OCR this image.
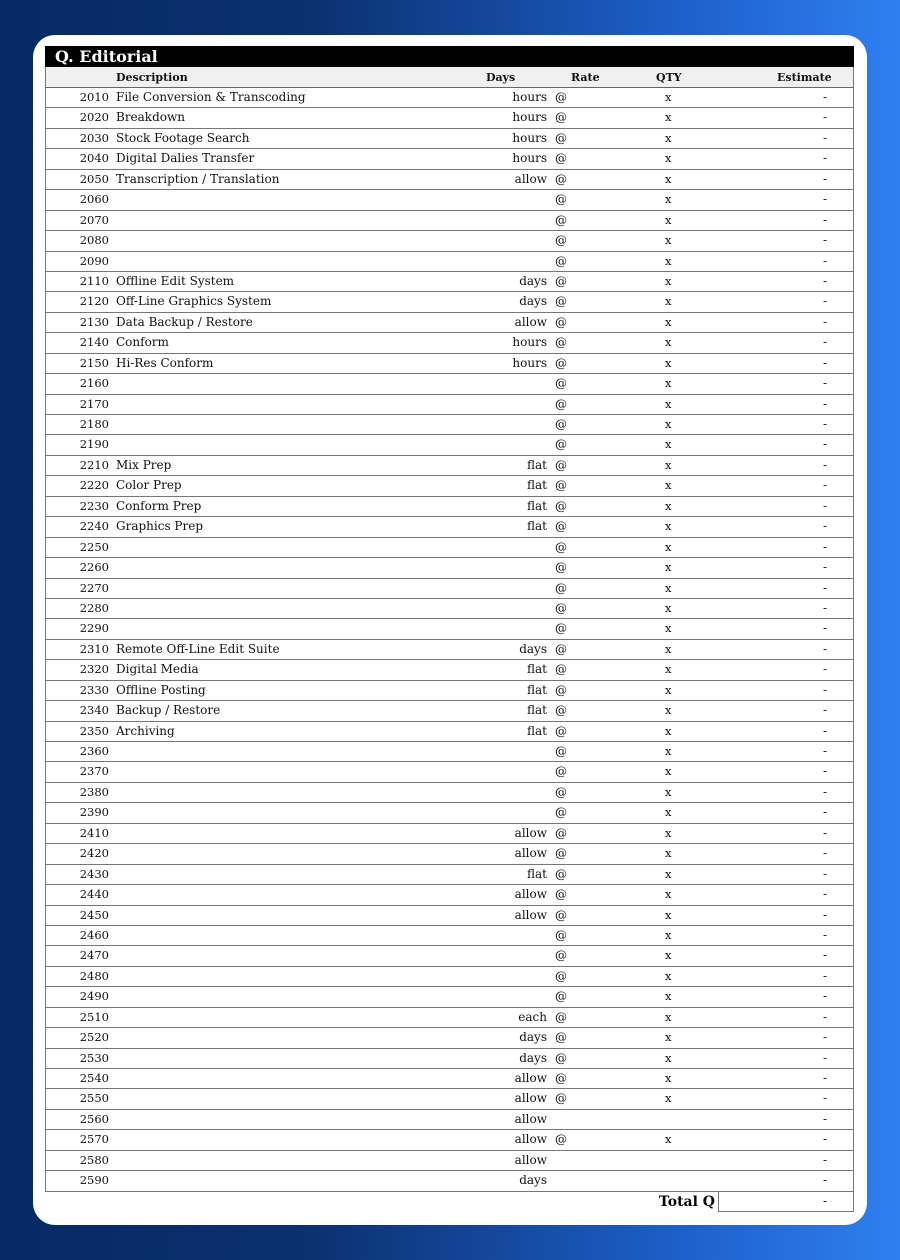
Q. Editorial
Description	Days	Rate	QTY	Estimate
2010 File Conversion & Transcoding	hours @	x	-
2020 Breakdown	hours @	x	-
2030 Stock Footage Search	hours @	x	-
2040 Digital Dalies Transfer	hours @	x	-
2050 Transcription / Translation	allow @	x	-
2060	@	x	-
2070	@	x	-
2080	@	x	-
2090	@	x	-
2110 Offline Edit System	days @	x	-
2120 Off-Line Graphics System	days @	x	-
2130 Data Backup / Restore	allow @	x	-
2140 Conform	hours @	x	-
2150 Hi-Res Conform	hours @	x	-
2160	@	x	-
2170	@	x	-
2180	@	x	-
2190	@	x	-
2210 Mix Prep	flat @	x	-
2220 Color Prep	flat @	x	-
2230 Conform Prep	flat @	x	-
2240 Graphics Prep	flat @	x	-
2250	@	x	-
2260	@	x	-
2270	@	x	-
2280	@	x	-
2290	@	x	-
2310 Remote Off-Line Edit Suite	days @	x	-
2320 Digital Media	flat @	x	-
2330 Offline Posting	flat @	x	-
2340 Backup / Restore	flat @	x	-
2350 Archiving	flat @	x	-
2360	@	x	-
2370	@	x	-
2380	@	x	-
2390	@	x	-
2410	allow @	x	-
2420	allow @	x	-
2430	flat @	x	-
2440	allow @	x	-
2450	allow @	x	-
2460	@	x	-
2470	@	x	-
2480	@	x	-
2490	@	x	-
2510	each @	x	-
2520	days @	x	-
2530	days @	x	-
2540	allow @	x	-
2550	allow @	x	-
2560	allow	-
2570	allow @	x	-
2580	allow	-
2590	days	-
Total Q	-
